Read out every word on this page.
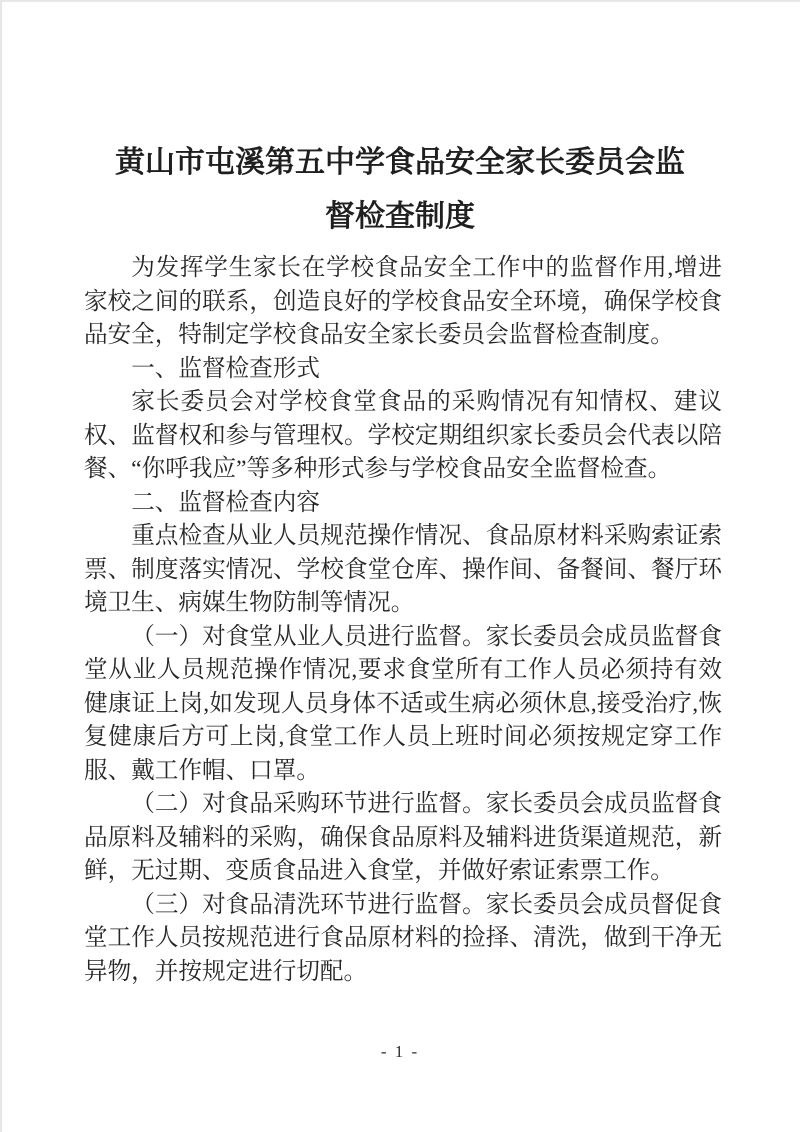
黄山市屯溪第五中学食品安全家长委员会监督检查制度

为发挥学生家长在学校食品安全工作中的监督作用,增进家校之间的联系，创造良好的学校食品安全环境，确保学校食品安全，特制定学校食品安全家长委员会监督检查制度。

一、监督检查形式

家长委员会对学校食堂食品的采购情况有知情权、建议权、监督权和参与管理权。学校定期组织家长委员会代表以陪餐、“你呼我应”等多种形式参与学校食品安全监督检查。

二、监督检查内容

重点检查从业人员规范操作情况、食品原材料采购索证索票、制度落实情况、学校食堂仓库、操作间、备餐间、餐厅环境卫生、病媒生物防制等情况。

（一）对食堂从业人员进行监督。家长委员会成员监督食堂从业人员规范操作情况,要求食堂所有工作人员必须持有效健康证上岗,如发现人员身体不适或生病必须休息,接受治疗,恢复健康后方可上岗,食堂工作人员上班时间必须按规定穿工作服、戴工作帽、口罩。

（二）对食品采购环节进行监督。家长委员会成员监督食品原料及辅料的采购，确保食品原料及辅料进货渠道规范，新鲜，无过期、变质食品进入食堂，并做好索证索票工作。

（三）对食品清洗环节进行监督。家长委员会成员督促食堂工作人员按规范进行食品原材料的捡择、清洗，做到干净无异物，并按规定进行切配。

- 1 -
